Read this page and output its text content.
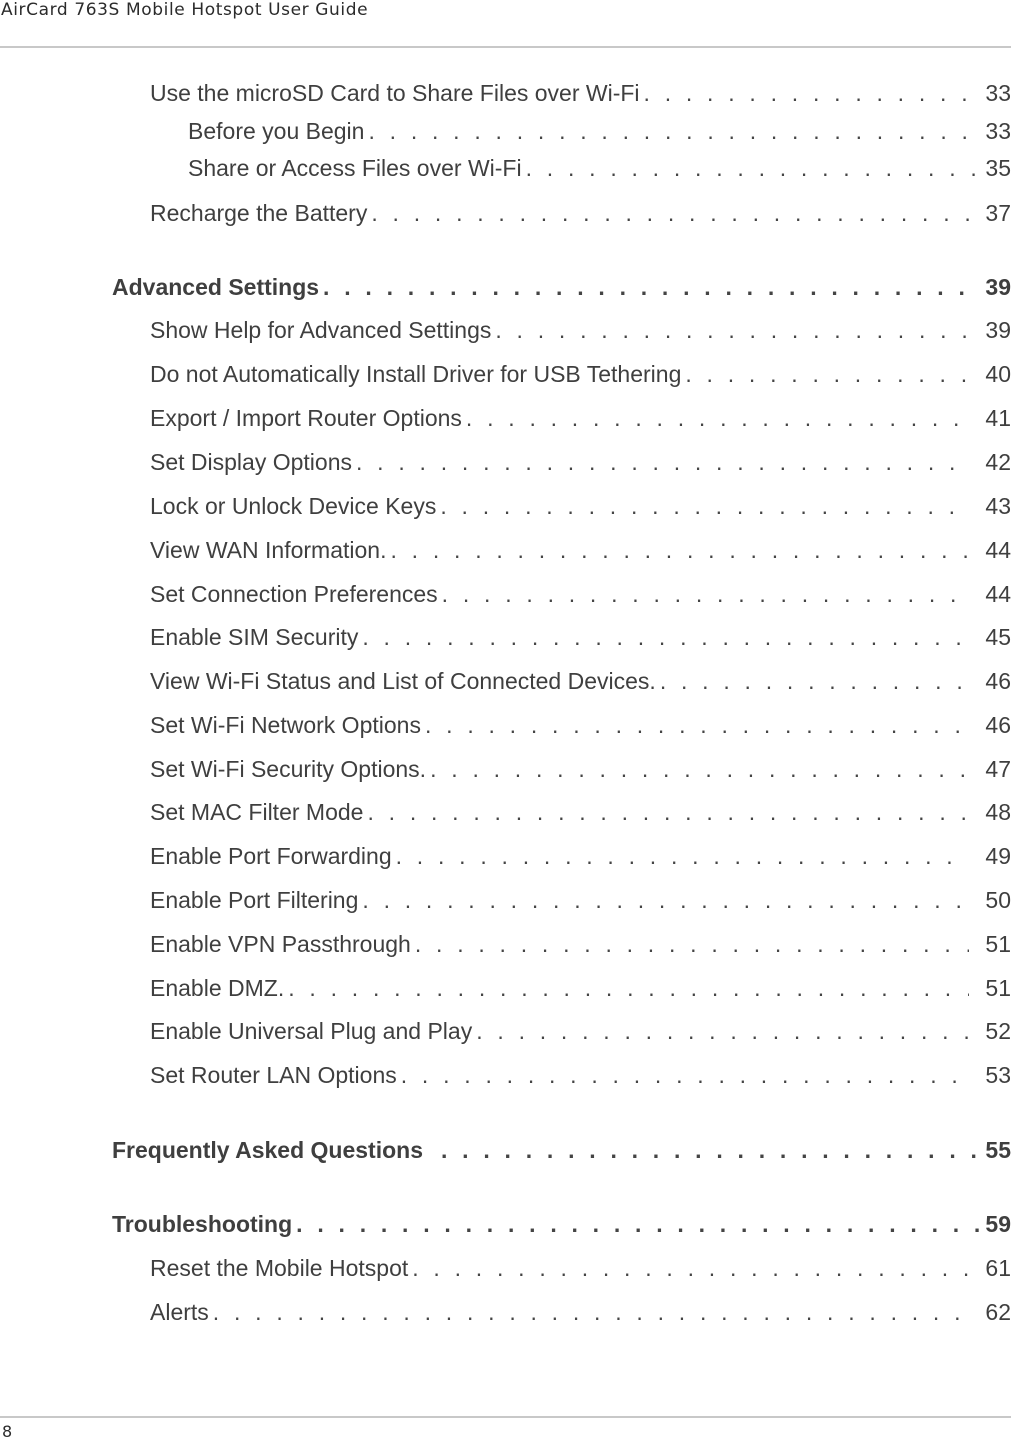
AirCard 763S Mobile Hotspot User Guide
Use the microSD Card to Share Files over Wi-Fi . . .	33
Before you Begin . . .	33
Share or Access Files over Wi-Fi . . .	35
Recharge the Battery . . .	37
Advanced Settings . . .	39
Show Help for Advanced Settings . . .	39
Do not Automatically Install Driver for USB Tethering . . .	40
Export / Import Router Options . . .	41
Set Display Options . . .	42
Lock or Unlock Device Keys . . .	43
View WAN Information. . . .	44
Set Connection Preferences . . .	44
Enable SIM Security . . .	45
View Wi-Fi Status and List of Connected Devices. . . .	46
Set Wi-Fi Network Options . . .	46
Set Wi-Fi Security Options. . . .	47
Set MAC Filter Mode . . .	48
Enable Port Forwarding . . .	49
Enable Port Filtering . . .	50
Enable VPN Passthrough . . .	51
Enable DMZ. . . .	51
Enable Universal Plug and Play . . .	52
Set Router LAN Options . . .	53
Frequently Asked Questions . . .	55
Troubleshooting . . .	59
Reset the Mobile Hotspot . . .	61
Alerts . . .	62
8
